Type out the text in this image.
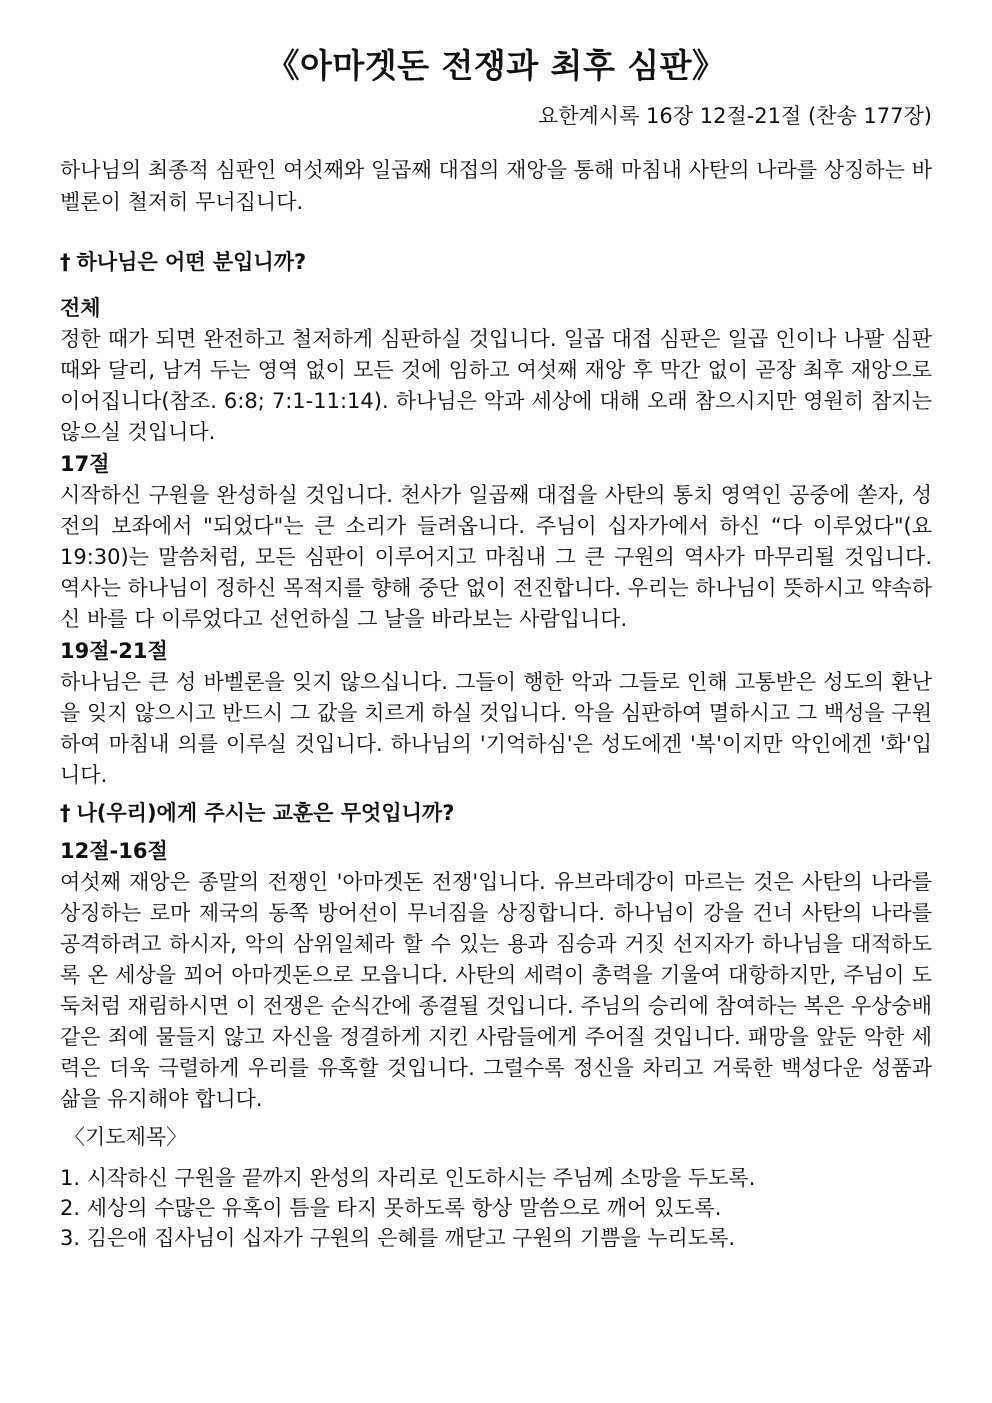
《아마겟돈 전쟁과 최후 심판》

요한계시록 16장 12절-21절 (찬송 177장)

하나님의 최종적 심판인 여섯째와 일곱째 대접의 재앙을 통해 마침내 사탄의 나라를 상징하는 바벨론이 철저히 무너집니다.

† 하나님은 어떤 분입니까?
전체

정한 때가 되면 완전하고 철저하게 심판하실 것입니다. 일곱 대접 심판은 일곱 인이나 나팔 심판 때와 달리, 남겨 두는 영역 없이 모든 것에 임하고 여섯째 재앙 후 막간 없이 곧장 최후 재앙으로 이어집니다(참조. 6:8; 7:1-11:14). 하나님은 악과 세상에 대해 오래 참으시지만 영원히 참지는 않으실 것입니다.

17절

시작하신 구원을 완성하실 것입니다. 천사가 일곱째 대접을 사탄의 통치 영역인 공중에 쏟자, 성전의 보좌에서 "되었다"는 큰 소리가 들려옵니다. 주님이 십자가에서 하신 “다 이루었다"(요19:30)는 말씀처럼, 모든 심판이 이루어지고 마침내 그 큰 구원의 역사가 마무리될 것입니다. 역사는 하나님이 정하신 목적지를 향해 중단 없이 전진합니다. 우리는 하나님이 뜻하시고 약속하신 바를 다 이루었다고 선언하실 그 날을 바라보는 사람입니다.

19절-21절

하나님은 큰 성 바벨론을 잊지 않으십니다. 그들이 행한 악과 그들로 인해 고통받은 성도의 환난을 잊지 않으시고 반드시 그 값을 치르게 하실 것입니다. 악을 심판하여 멸하시고 그 백성을 구원하여 마침내 의를 이루실 것입니다. 하나님의 '기억하심'은 성도에겐 '복'이지만 악인에겐 '화'입니다.

† 나(우리)에게 주시는 교훈은 무엇입니까?
12절-16절

여섯째 재앙은 종말의 전쟁인 '아마겟돈 전쟁'입니다. 유브라데강이 마르는 것은 사탄의 나라를 상징하는 로마 제국의 동쪽 방어선이 무너짐을 상징합니다. 하나님이 강을 건너 사탄의 나라를 공격하려고 하시자, 악의 삼위일체라 할 수 있는 용과 짐승과 거짓 선지자가 하나님을 대적하도록 온 세상을 꾀어 아마겟돈으로 모읍니다. 사탄의 세력이 총력을 기울여 대항하지만, 주님이 도둑처럼 재림하시면 이 전쟁은 순식간에 종결될 것입니다. 주님의 승리에 참여하는 복은 우상숭배 같은 죄에 물들지 않고 자신을 정결하게 지킨 사람들에게 주어질 것입니다. 패망을 앞둔 악한 세력은 더욱 극렬하게 우리를 유혹할 것입니다. 그럴수록 정신을 차리고 거룩한 백성다운 성품과 삶을 유지해야 합니다.

〈기도제목〉

1. 시작하신 구원을 끝까지 완성의 자리로 인도하시는 주님께 소망을 두도록.
2. 세상의 수많은 유혹이 틈을 타지 못하도록 항상 말씀으로 깨어 있도록.
3. 김은애 집사님이 십자가 구원의 은혜를 깨닫고 구원의 기쁨을 누리도록.
